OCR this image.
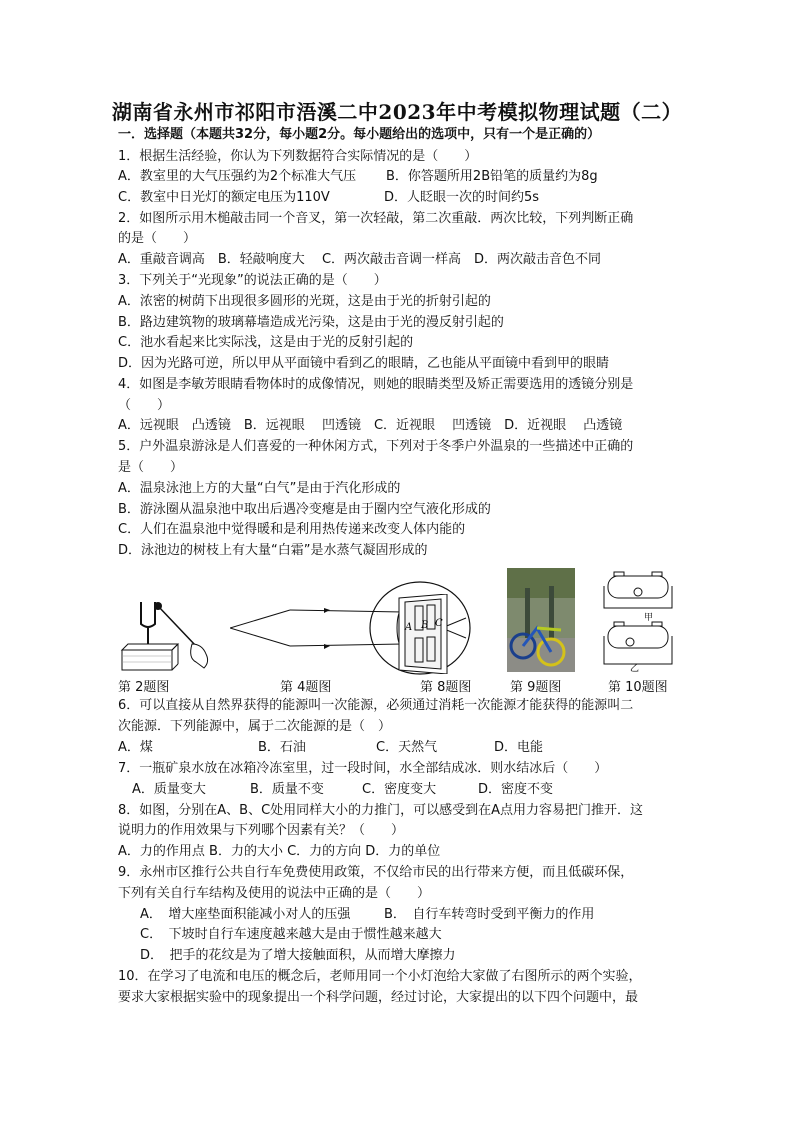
湖南省永州市祁阳市浯溪二中2023年中考模拟物理试题（二）
一．选择题（本题共32分，每小题2分。每小题给出的选项中，只有一个是正确的）
1．根据生活经验，你认为下列数据符合实际情况的是（　　）
A．教室里的大气压强约为2个标准大气压 B．你答题所用2B铅笔的质量约为8g
C．教室中日光灯的额定电压为110V	D．人眨眼一次的时间约5s
2．如图所示用木槌敲击同一个音叉，第一次轻敲，第二次重敲．两次比较，下列判断正确
的是（　　）
A．重敲音调高　B．轻敲响度大　 C．两次敲击音调一样高　D．两次敲击音色不同
3．下列关于“光现象”的说法正确的是（　　）
A．浓密的树荫下出现很多圆形的光斑，这是由于光的折射引起的
B．路边建筑物的玻璃幕墙造成光污染，这是由于光的漫反射引起的
C．池水看起来比实际浅，这是由于光的反射引起的
D．因为光路可逆，所以甲从平面镜中看到乙的眼睛，乙也能从平面镜中看到甲的眼睛
4．如图是李敏芳眼睛看物体时的成像情况，则她的眼睛类型及矫正需要选用的透镜分别是
（　　）
A．远视眼　凸透镜　B．远视眼　 凹透镜　C．近视眼　 凹透镜　D．近视眼　 凸透镜
5．户外温泉游泳是人们喜爱的一种休闲方式，下列对于冬季户外温泉的一些描述中正确的
是（　　）
A．温泉泳池上方的大量“白气”是由于汽化形成的
B．游泳圈从温泉池中取出后遇冷变瘪是由于圈内空气液化形成的
C．人们在温泉池中觉得暖和是利用热传递来改变人体内能的
D．泳池边的树枝上有大量“白霜”是水蒸气凝固形成的
A B C	甲
乙
第 2题图	第 4题图	第 8题图	第 9题图	第 10题图
6．可以直接从自然界获得的能源叫一次能源，必须通过消耗一次能源才能获得的能源叫二
次能源．下列能源中，属于二次能源的是（　）
A．煤	B．石油	C．天然气	D．电能
7．一瓶矿泉水放在冰箱冷冻室里，过一段时间，水全部结成冰．则水结冰后（　　）
A．质量变大	B．质量不变	C．密度变大	D．密度不变
8．如图，分别在A、B、C处用同样大小的力推门，可以感受到在A点用力容易把门推开．这
说明力的作用效果与下列哪个因素有关？（　　）
A．力的作用点 B．力的大小 C．力的方向 D．力的单位
9．永州市区推行公共自行车免费使用政策，不仅给市民的出行带来方便，而且低碳环保，
下列有关自行车结构及使用的说法中正确的是（　　）
A．　增大座垫面积能减小对人的压强	B．　自行车转弯时受到平衡力的作用
C．　下坡时自行车速度越来越大是由于惯性越来越大
D．　把手的花纹是为了增大接触面积，从而增大摩擦力
10．在学习了电流和电压的概念后，老师用同一个小灯泡给大家做了右图所示的两个实验，
要求大家根据实验中的现象提出一个科学问题，经过讨论，大家提出的以下四个问题中，最
